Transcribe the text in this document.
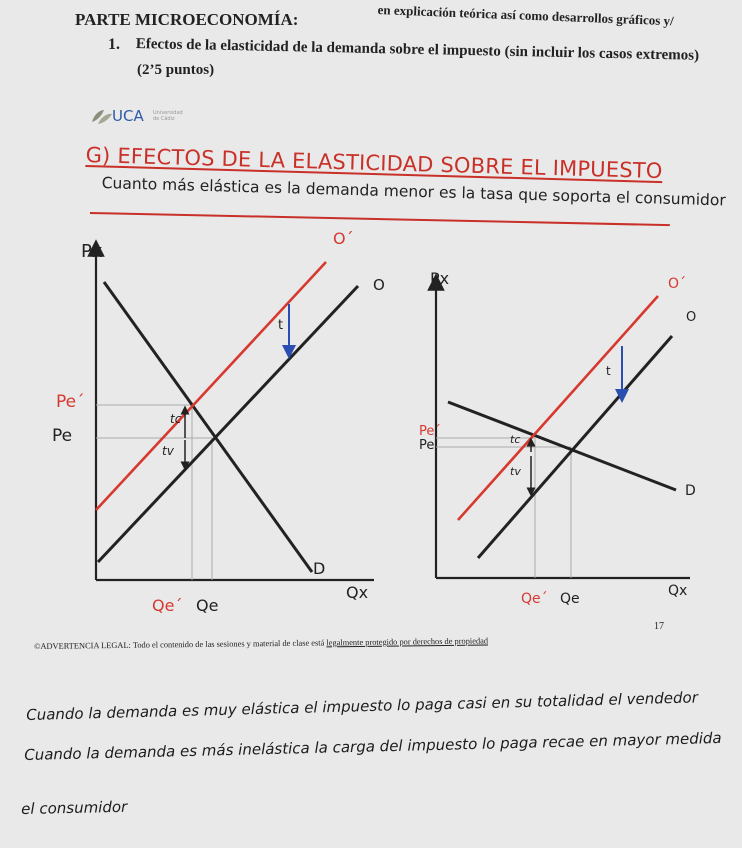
en explicación teórica así como desarrollos gráficos y/
PARTE MICROECONOMÍA:
1. Efectos de la elasticidad de la demanda sobre el impuesto (sin incluir los casos extremos)
(2’5 puntos)
UCA Universidad
de Cádiz
G) EFECTOS DE LA ELASTICIDAD SOBRE EL IMPUESTO
Cuanto más elástica es la demanda menor es la tasa que soporta el consumidor
Px
Qx
O´
O
D
Pe´
Pe
Qe´ Qe
t
tc
tv
Px
Qx
O´
O
D
Pe´
Pe
Qe´ Qe
t
tc
tv
©ADVERTENCIA LEGAL: Todo el contenido de las sesiones y material de clase está legalmente protegido por derechos de propiedad
17
Cuando la demanda es muy elástica el impuesto lo paga casi en su totalidad el vendedor
Cuando la demanda es más inelástica la carga del impuesto lo paga recae en mayor medida
el consumidor
